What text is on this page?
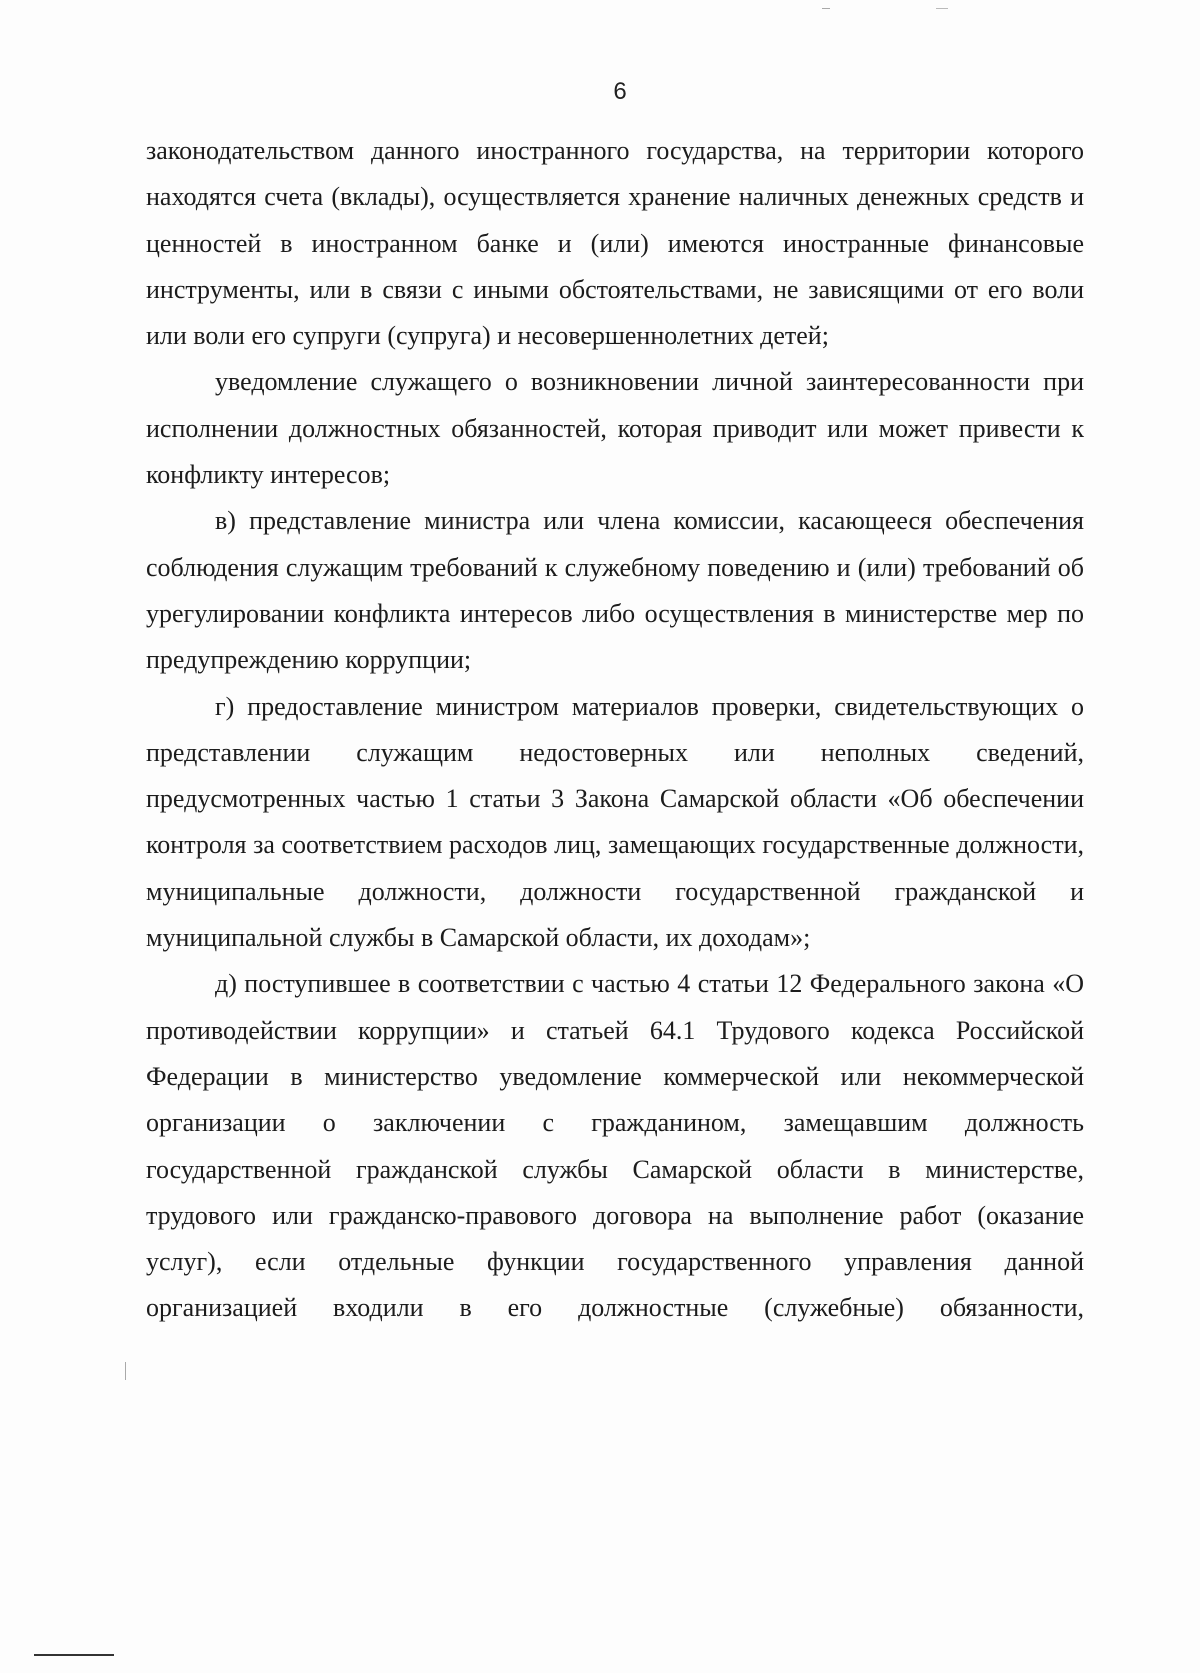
6

законодательством данного иностранного государства, на территории которого находятся счета (вклады), осуществляется хранение наличных денежных средств и ценностей в иностранном банке и (или) имеются иностранные финансовые инструменты, или в связи с иными обстоятельствами, не зависящими от его воли или воли его супруги (супруга) и несовершеннолетних детей;

уведомление служащего о возникновении личной заинтересованности при исполнении должностных обязанностей, которая приводит или может привести к конфликту интересов;

в) представление министра или члена комиссии, касающееся обеспечения соблюдения служащим требований к служебному поведению и (или) требований об урегулировании конфликта интересов либо осуществления в министерстве мер по предупреждению коррупции;

г) предоставление министром материалов проверки, свидетельствующих о представлении служащим недостоверных или неполных сведений, предусмотренных частью 1 статьи 3 Закона Самарской области «Об обеспечении контроля за соответствием расходов лиц, замещающих государственные должности, муниципальные должности, должности государственной гражданской и муниципальной службы в Самарской области, их доходам»;

д) поступившее в соответствии с частью 4 статьи 12 Федерального закона «О противодействии коррупции» и статьей 64.1 Трудового кодекса Российской Федерации в министерство уведомление коммерческой или некоммерческой организации о заключении с гражданином, замещавшим должность государственной гражданской службы Самарской области в министерстве, трудового или гражданско-правового договора на выполнение работ (оказание услуг), если отдельные функции государственного управления данной организацией входили в его должностные (служебные) обязанности,
